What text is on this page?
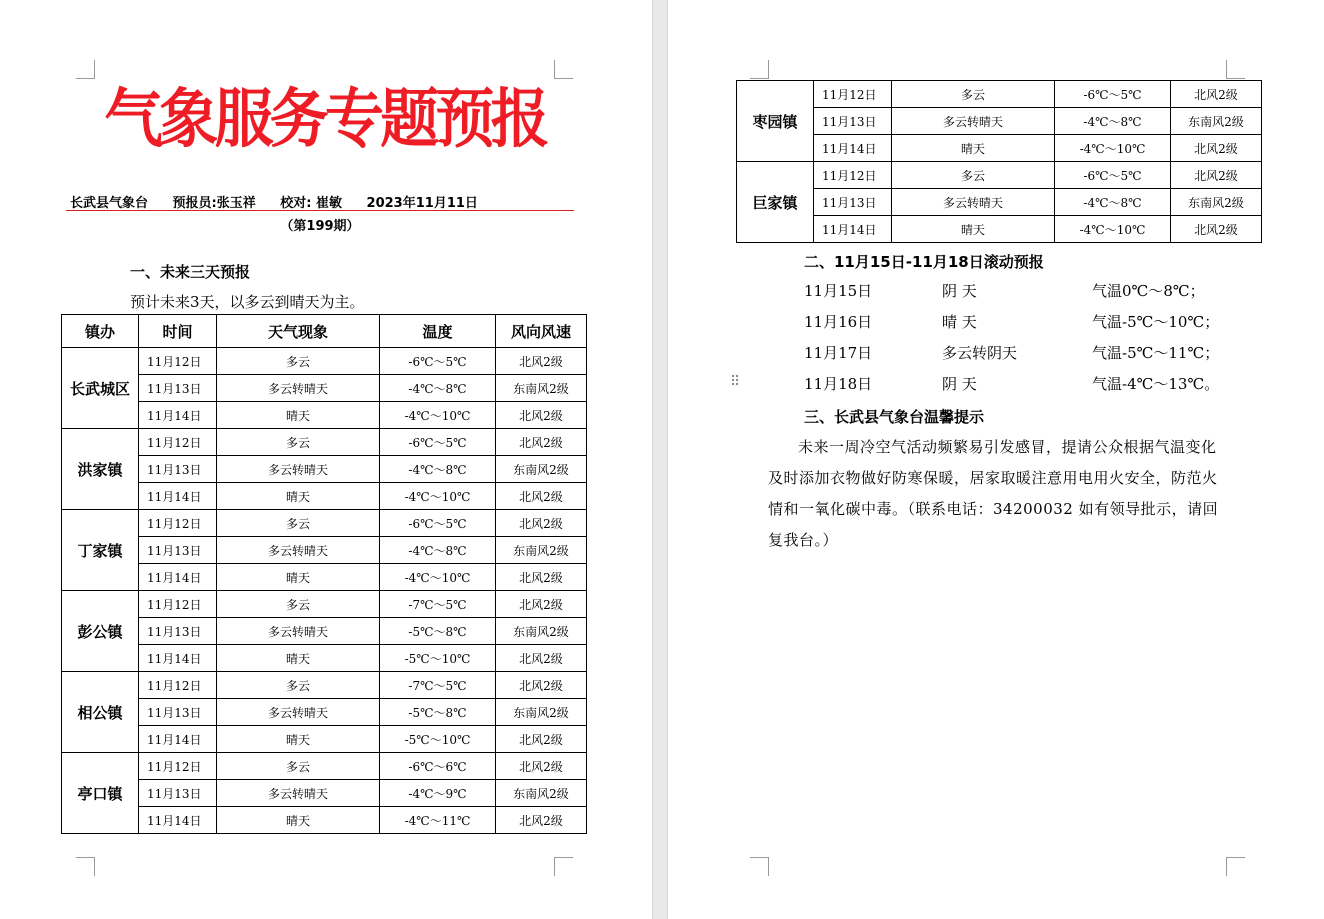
气象服务专题预报
长武县气象台 预报员:张玉祥 校对: 崔敏 2023年11月11日
（第199期）
一、未来三天预报
预计未来3天，以多云到晴天为主。
镇办	时间	天气现象	温度	风向风速
长武城区	11月12日	多云	-6℃～5℃	北风2级
	11月13日	多云转晴天	-4℃～8℃	东南风2级
	11月14日	晴天	-4℃～10℃	北风2级
洪家镇	11月12日	多云	-6℃～5℃	北风2级
	11月13日	多云转晴天	-4℃～8℃	东南风2级
	11月14日	晴天	-4℃～10℃	北风2级
丁家镇	11月12日	多云	-6℃～5℃	北风2级
	11月13日	多云转晴天	-4℃～8℃	东南风2级
	11月14日	晴天	-4℃～10℃	北风2级
彭公镇	11月12日	多云	-7℃～5℃	北风2级
	11月13日	多云转晴天	-5℃～8℃	东南风2级
	11月14日	晴天	-5℃～10℃	北风2级
相公镇	11月12日	多云	-7℃～5℃	北风2级
	11月13日	多云转晴天	-5℃～8℃	东南风2级
	11月14日	晴天	-5℃～10℃	北风2级
亭口镇	11月12日	多云	-6℃～6℃	北风2级
	11月13日	多云转晴天	-4℃～9℃	东南风2级
	11月14日	晴天	-4℃～11℃	北风2级
枣园镇	11月12日	多云	-6℃～5℃	北风2级
	11月13日	多云转晴天	-4℃～8℃	东南风2级
	11月14日	晴天	-4℃～10℃	北风2级
巨家镇	11月12日	多云	-6℃～5℃	北风2级
	11月13日	多云转晴天	-4℃～8℃	东南风2级
	11月14日	晴天	-4℃～10℃	北风2级
二、11月15日-11月18日滚动预报
11月15日	阴 天	气温0℃～8℃；
11月16日	晴 天	气温-5℃～10℃；
11月17日	多云转阴天	气温-5℃～11℃；
11月18日	阴 天	气温-4℃～13℃。
⠿
三、长武县气象台温馨提示
未来一周冷空气活动频繁易引发感冒，提请公众根据气温变化及时添加衣物做好防寒保暖，居家取暖注意用电用火安全，防范火情和一氧化碳中毒。（联系电话：34200032 如有领导批示，请回复我台。）
